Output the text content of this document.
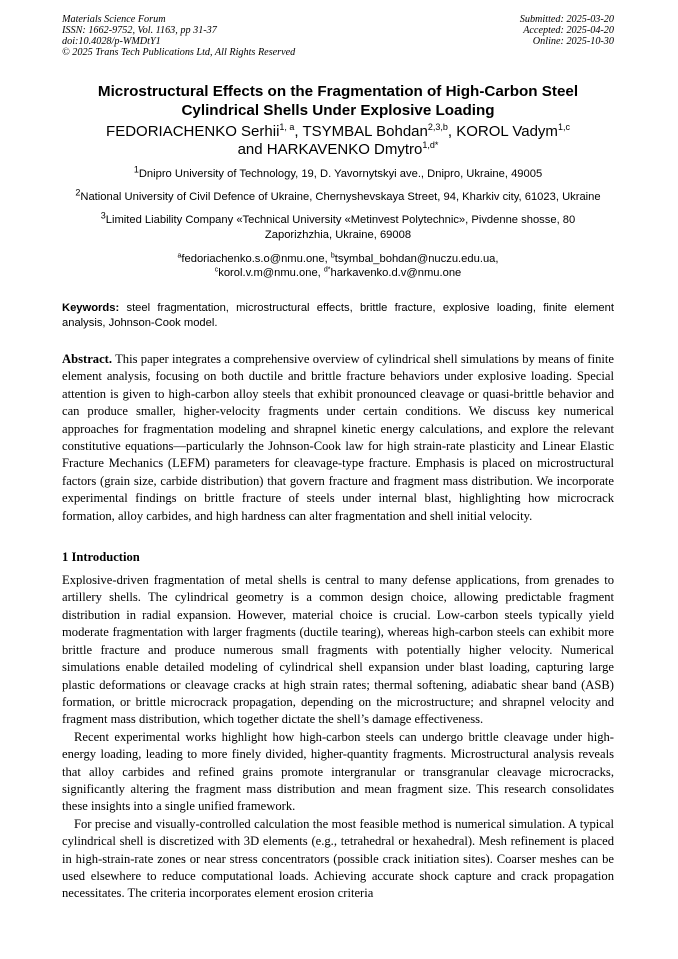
Materials Science Forum
ISSN: 1662-9752, Vol. 1163, pp 31-37
doi:10.4028/p-WMDtY1
© 2025 Trans Tech Publications Ltd, All Rights Reserved
Submitted: 2025-03-20
Accepted: 2025-04-20
Online: 2025-10-30
Microstructural Effects on the Fragmentation of High-Carbon Steel
Cylindrical Shells Under Explosive Loading
FEDORIACHENKO Serhii$^{1, a}$, TSYMBAL Bohdan$^{2,3,b}$, KOROL Vadym$^{1,c}$
and HARKAVENKO Dmytro$^{1,d*}$
$^1$Dnipro University of Technology, 19, D. Yavornytskyi ave., Dnipro, Ukraine, 49005
$^2$National University of Civil Defence of Ukraine, Chernyshevskaya Street, 94, Kharkiv city, 61023, Ukraine
$^3$Limited Liability Company «Technical University «Metinvest Polytechnic», Pivdenne shosse, 80 Zaporizhzhia, Ukraine, 69008
$^a$fedoriachenko.s.o@nmu.one, $^b$tsymbal_bohdan@nuczu.edu.ua,
$^c$korol.v.m@nmu.one, $^{d*}$harkavenko.d.v@nmu.one
Keywords: steel fragmentation, microstructural effects, brittle fracture, explosive loading, finite element analysis, Johnson-Cook model.
Abstract. This paper integrates a comprehensive overview of cylindrical shell simulations by means of finite element analysis, focusing on both ductile and brittle fracture behaviors under explosive loading. Special attention is given to high-carbon alloy steels that exhibit pronounced cleavage or quasi-brittle behavior and can produce smaller, higher-velocity fragments under certain conditions. We discuss key numerical approaches for fragmentation modeling and shrapnel kinetic energy calculations, and explore the relevant constitutive equations—particularly the Johnson-Cook law for high strain-rate plasticity and Linear Elastic Fracture Mechanics (LEFM) parameters for cleavage-type fracture. Emphasis is placed on microstructural factors (grain size, carbide distribution) that govern fracture and fragment mass distribution. We incorporate experimental findings on brittle fracture of steels under internal blast, highlighting how microcrack formation, alloy carbides, and high hardness can alter fragmentation and shell initial velocity.
1 Introduction

Explosive-driven fragmentation of metal shells is central to many defense applications, from grenades to artillery shells. The cylindrical geometry is a common design choice, allowing predictable fragment distribution in radial expansion. However, material choice is crucial. Low-carbon steels typically yield moderate fragmentation with larger fragments (ductile tearing), whereas high-carbon steels can exhibit more brittle fracture and produce numerous small fragments with potentially higher velocity. Numerical simulations enable detailed modeling of cylindrical shell expansion under blast loading, capturing large plastic deformations or cleavage cracks at high strain rates; thermal softening, adiabatic shear band (ASB) formation, or brittle microcrack propagation, depending on the microstructure; and shrapnel velocity and fragment mass distribution, which together dictate the shell’s damage effectiveness.

Recent experimental works highlight how high-carbon steels can undergo brittle cleavage under high-energy loading, leading to more finely divided, higher-quantity fragments. Microstructural analysis reveals that alloy carbides and refined grains promote intergranular or transgranular cleavage microcracks, significantly altering the fragment mass distribution and mean fragment size. This research consolidates these insights into a single unified framework.

For precise and visually-controlled calculation the most feasible method is numerical simulation. A typical cylindrical shell is discretized with 3D elements (e.g., tetrahedral or hexahedral). Mesh refinement is placed in high-strain-rate zones or near stress concentrators (possible crack initiation sites). Coarser meshes can be used elsewhere to reduce computational loads. Achieving accurate shock capture and crack propagation necessitates. The criteria incorporates element erosion criteria
